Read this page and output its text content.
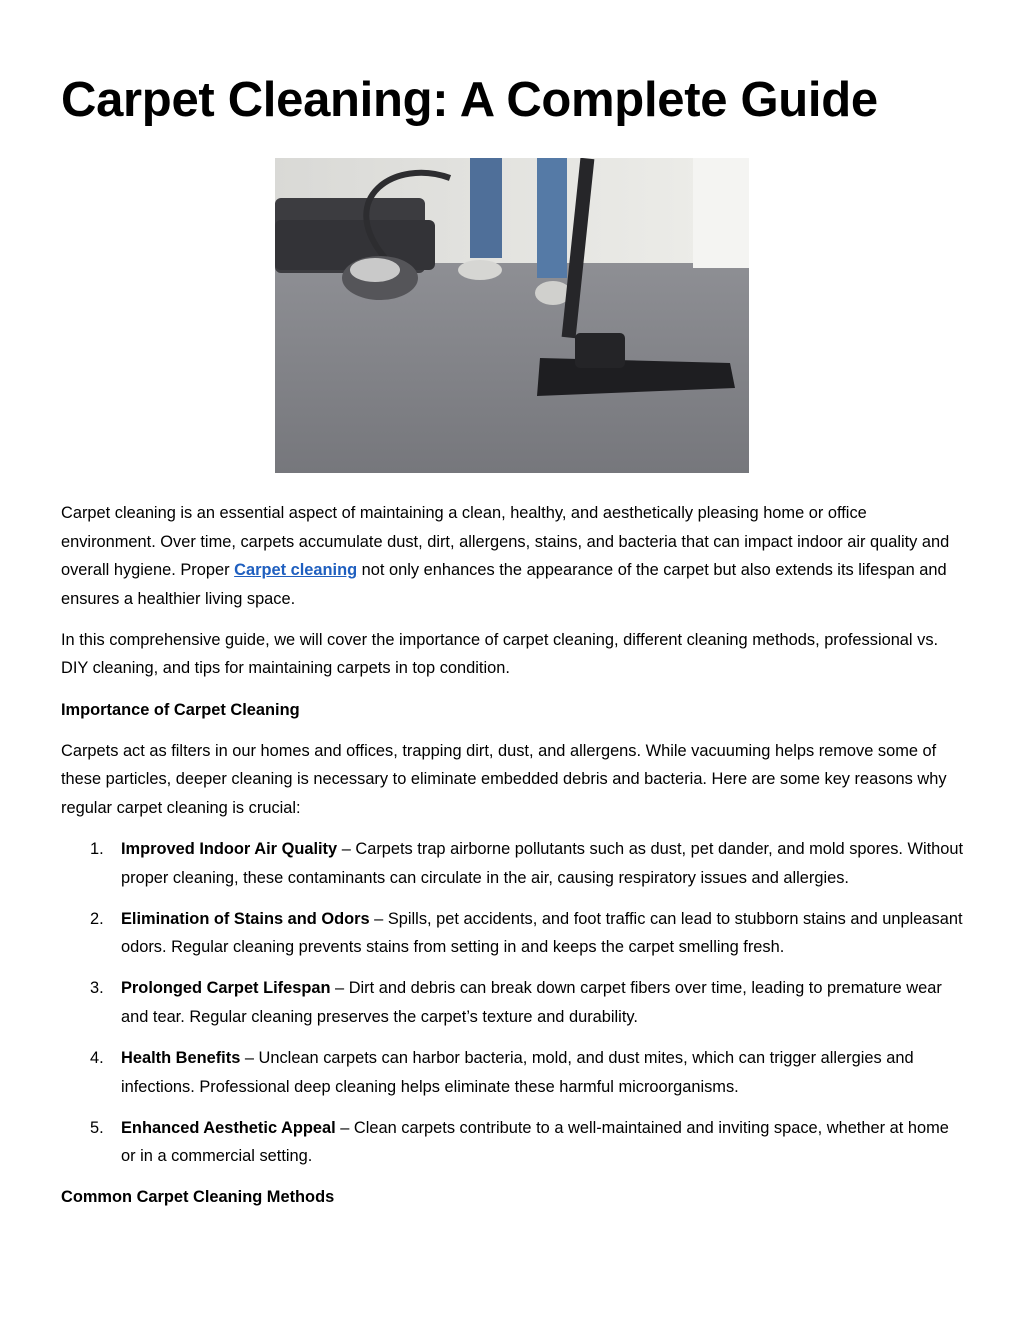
Carpet Cleaning: A Complete Guide

Carpet cleaning is an essential aspect of maintaining a clean, healthy, and aesthetically pleasing home or office environment. Over time, carpets accumulate dust, dirt, allergens, stains, and bacteria that can impact indoor air quality and overall hygiene. Proper Carpet cleaning not only enhances the appearance of the carpet but also extends its lifespan and ensures a healthier living space.

In this comprehensive guide, we will cover the importance of carpet cleaning, different cleaning methods, professional vs. DIY cleaning, and tips for maintaining carpets in top condition.

Importance of Carpet Cleaning

Carpets act as filters in our homes and offices, trapping dirt, dust, and allergens. While vacuuming helps remove some of these particles, deeper cleaning is necessary to eliminate embedded debris and bacteria. Here are some key reasons why regular carpet cleaning is crucial:

1. Improved Indoor Air Quality – Carpets trap airborne pollutants such as dust, pet dander, and mold spores. Without proper cleaning, these contaminants can circulate in the air, causing respiratory issues and allergies.
2. Elimination of Stains and Odors – Spills, pet accidents, and foot traffic can lead to stubborn stains and unpleasant odors. Regular cleaning prevents stains from setting in and keeps the carpet smelling fresh.
3. Prolonged Carpet Lifespan – Dirt and debris can break down carpet fibers over time, leading to premature wear and tear. Regular cleaning preserves the carpet’s texture and durability.
4. Health Benefits – Unclean carpets can harbor bacteria, mold, and dust mites, which can trigger allergies and infections. Professional deep cleaning helps eliminate these harmful microorganisms.
5. Enhanced Aesthetic Appeal – Clean carpets contribute to a well-maintained and inviting space, whether at home or in a commercial setting.

Common Carpet Cleaning Methods
